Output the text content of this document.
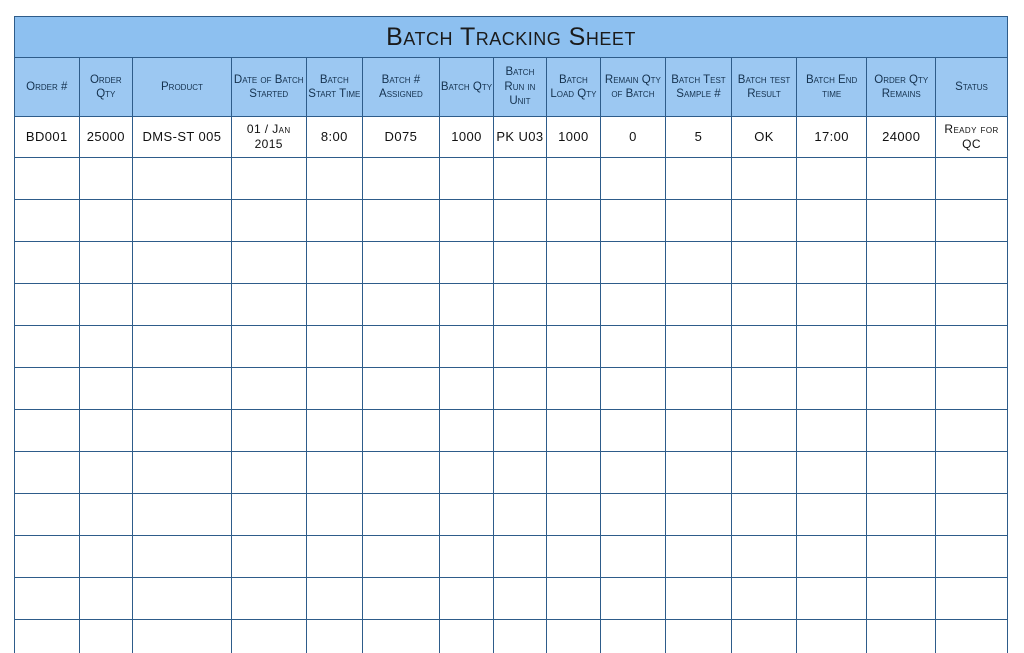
Batch Tracking Sheet														
Order #	Order Qty	Product	Date of Batch Started	Batch Start Time	Batch # Assigned	Batch Qty	Batch Run in Unit	Batch Load Qty	Remain Qty of Batch	Batch Test Sample #	Batch test Result	Batch End time	Order Qty Remains	Status
BD001	25000	DMS-ST 005	01 / Jan 2015	8:00	D075	1000	PK U03	1000	0	5	OK	17:00	24000	Ready for QC
